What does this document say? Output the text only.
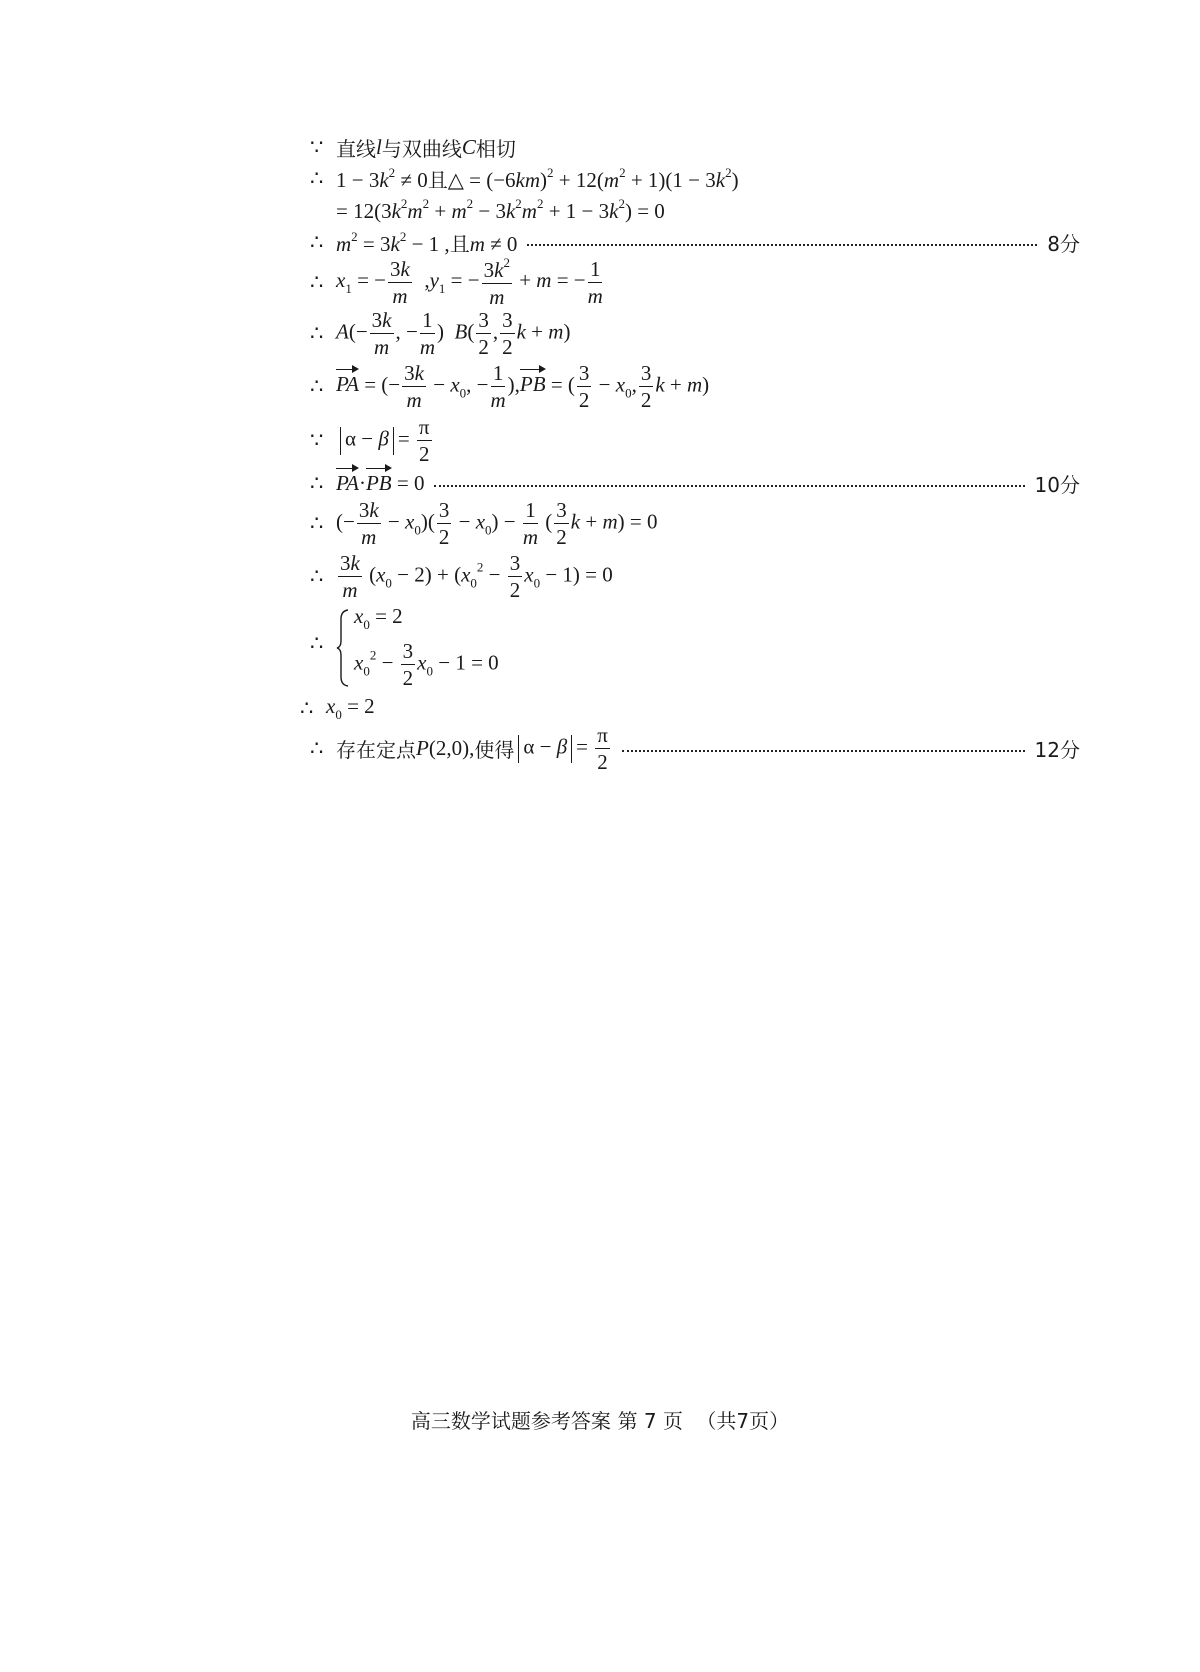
∵ 直线 l 与双曲线 C 相切
∴ $1 - 3k^2 \ne 0$且△ = $(-6km)^2 + 12(m^2 + 1)(1 - 3k^2)$
= $12(3k^2m^2 + m^2 - 3k^2m^2 + 1 - 3k^2) = 0$
∴ $m^2 = 3k^2 - 1$ ,且m ≠ 0	8分
∴ $x_1$ = − $\frac{3k}{m} ,y_1$ = − $\frac{3k^2}{m} + m$ = − $\frac{1}{m}$
∴ $A(- \frac{3k}{m}$ , − $\frac{1}{m}$ )  $B( \frac{3}{2}$ , $\frac{3}{2}$ k + m)
∴ PA = (− $\frac{3k}{m} - x_0$, − $\frac{1}{m} ),PB$ = ( $\frac{3}{2} - x_0$, $\frac{3}{2}$ k + m)
∵	$\alpha - \beta = \frac{\pi}{2}$
∴ PA·PB = 0	10分
∴ (− $\frac{3k}{m} - x_0)( \frac{3}{2} - x_0) - \frac{1}{m}$ ( $\frac{3}{2}$ k + m) = 0
∴ $\frac{3k}{m} (x_0 - 2) + (x_0^2 - \frac{3}{2} x_0 - 1) = 0$
∴
$x_0 = 2$
$x_0^2 - \frac{3}{2} x_0 - 1 = 0$
∴ $x_0 = 2$
∴ 存在定点 P(2,0), 使得 $\alpha - \beta = \frac{\pi}{2}$	12分
高三数学试题参考答案 第 7 页 （共7页）
